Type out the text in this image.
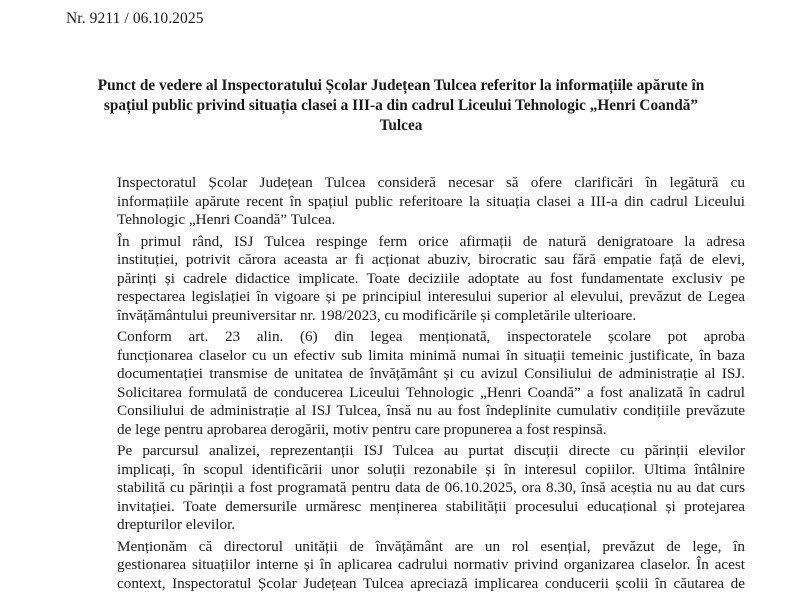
Nr. 9211 / 06.10.2025
Punct de vedere al Inspectoratului Școlar Județean Tulcea referitor la informațiile apărute în
spațiul public privind situația clasei a III-a din cadrul Liceului Tehnologic „Henri Coandă”
Tulcea

Inspectoratul Școlar Județean Tulcea consideră necesar să ofere clarificări în legătură cu
informațiile apărute recent în spațiul public referitoare la situația clasei a III-a din cadrul Liceului
Tehnologic „Henri Coandă” Tulcea.

În primul rând, ISJ Tulcea respinge ferm orice afirmații de natură denigratoare la adresa
instituției, potrivit cărora aceasta ar fi acționat abuziv, birocratic sau fără empatie față de elevi,
părinți și cadrele didactice implicate. Toate deciziile adoptate au fost fundamentate exclusiv pe
respectarea legislației în vigoare și pe principiul interesului superior al elevului, prevăzut de Legea
învățământului preuniversitar nr. 198/2023, cu modificările și completările ulterioare.

Conform art. 23 alin. (6) din legea menționată, inspectoratele școlare pot aproba
funcționarea claselor cu un efectiv sub limita minimă numai în situații temeinic justificate, în baza
documentației transmise de unitatea de învățământ și cu avizul Consiliului de administrație al ISJ.
Solicitarea formulată de conducerea Liceului Tehnologic „Henri Coandă” a fost analizată în cadrul
Consiliului de administrație al ISJ Tulcea, însă nu au fost îndeplinite cumulativ condițiile prevăzute
de lege pentru aprobarea derogării, motiv pentru care propunerea a fost respinsă.

Pe parcursul analizei, reprezentanții ISJ Tulcea au purtat discuții directe cu părinții elevilor
implicați, în scopul identificării unor soluții rezonabile și în interesul copiilor. Ultima întâlnire
stabilită cu părinții a fost programată pentru data de 06.10.2025, ora 8.30, însă aceștia nu au dat curs
invitației. Toate demersurile urmăresc menținerea stabilității procesului educațional și protejarea
drepturilor elevilor.

Menționăm că directorul unității de învățământ are un rol esențial, prevăzut de lege, în
gestionarea situațiilor interne și în aplicarea cadrului normativ privind organizarea claselor. În acest
context, Inspectoratul Școlar Județean Tulcea apreciază implicarea conducerii școlii în căutarea de
